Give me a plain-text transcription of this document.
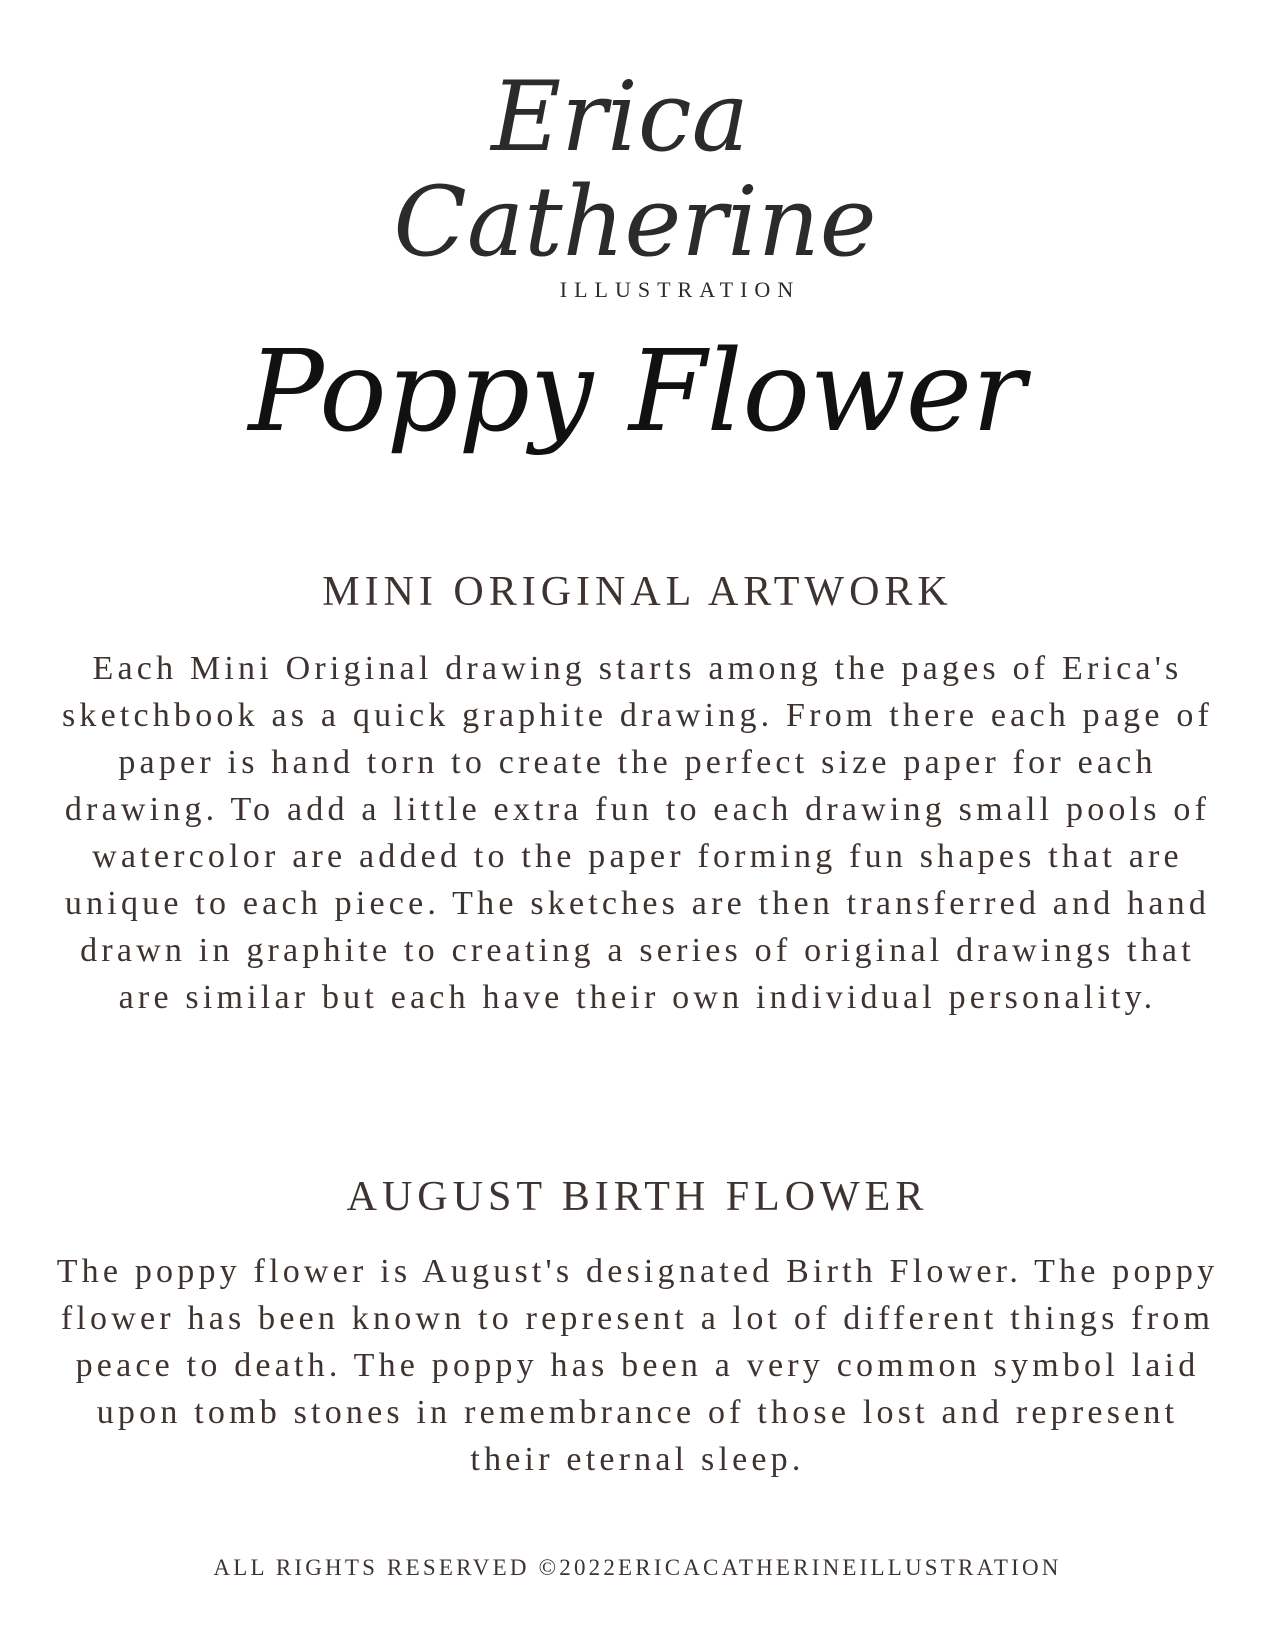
Erica
Catherine
ILLUSTRATION
Poppy Flower
MINI ORIGINAL ARTWORK

Each Mini Original drawing starts among the pages of Erica's sketchbook as a quick graphite drawing. From there each page of paper is hand torn to create the perfect size paper for each drawing. To add a little extra fun to each drawing small pools of watercolor are added to the paper forming fun shapes that are unique to each piece. The sketches are then transferred and hand drawn in graphite to creating a series of original drawings that are similar but each have their own individual personality.

AUGUST BIRTH FLOWER

The poppy flower is August's designated Birth Flower. The poppy flower has been known to represent a lot of different things from peace to death. The poppy has been a very common symbol laid upon tomb stones in remembrance of those lost and represent their eternal sleep.

ALL RIGHTS RESERVED ©2022ERICACATHERINEILLUSTRATION
